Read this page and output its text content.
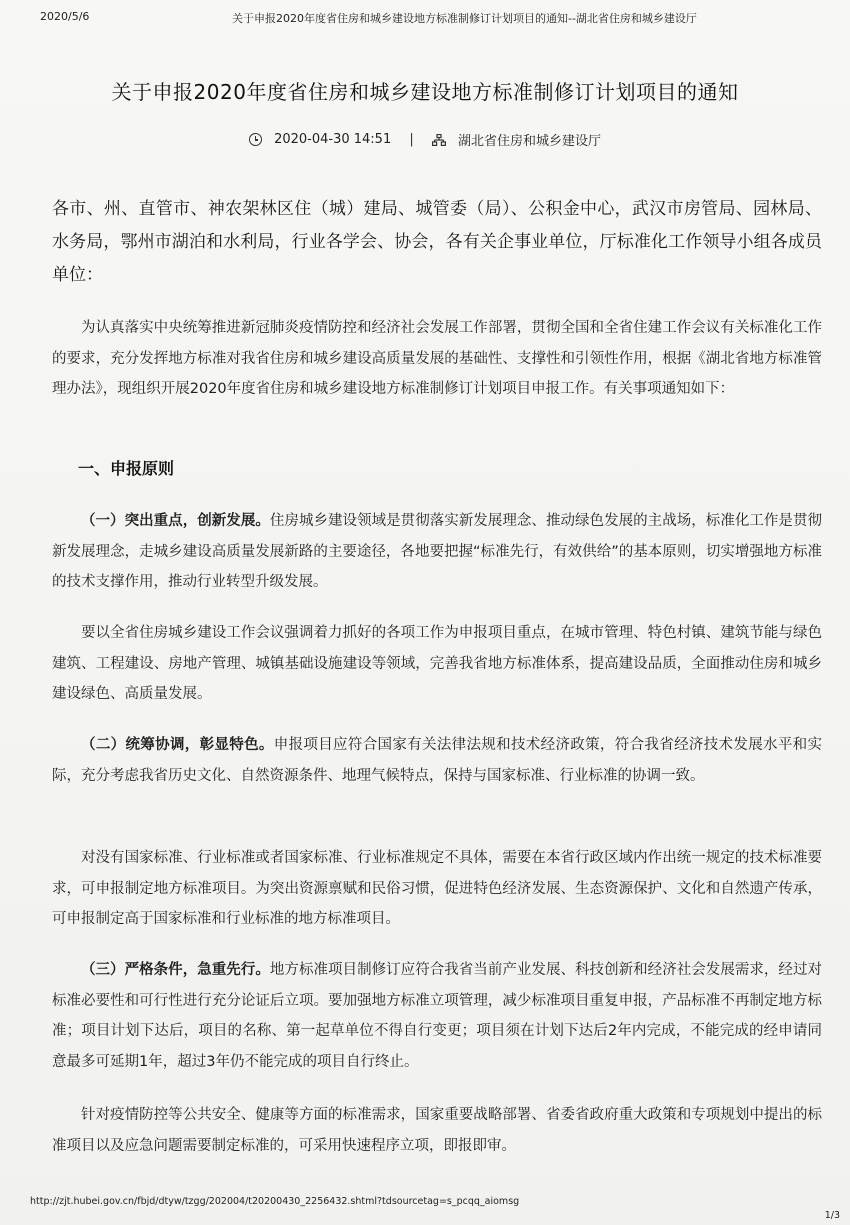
2020/5/6	关于申报2020年度省住房和城乡建设地方标准制修订计划项目的通知--湖北省住房和城乡建设厅
关于申报2020年度省住房和城乡建设地方标准制修订计划项目的通知
2020-04-30 14:51 |	湖北省住房和城乡建设厅
各市、州、直管市、神农架林区住（城）建局、城管委（局）、公积金中心，武汉市房管局、园林局、水务局，鄂州市湖泊和水利局，行业各学会、协会，各有关企事业单位，厅标准化工作领导小组各成员单位：
为认真落实中央统筹推进新冠肺炎疫情防控和经济社会发展工作部署，贯彻全国和全省住建工作会议有关标准化工作的要求，充分发挥地方标准对我省住房和城乡建设高质量发展的基础性、支撑性和引领性作用，根据《湖北省地方标准管理办法》，现组织开展2020年度省住房和城乡建设地方标准制修订计划项目申报工作。有关事项通知如下：
一、申报原则
（一）突出重点，创新发展。住房城乡建设领域是贯彻落实新发展理念、推动绿色发展的主战场，标准化工作是贯彻新发展理念，走城乡建设高质量发展新路的主要途径，各地要把握“标准先行，有效供给”的基本原则，切实增强地方标准的技术支撑作用，推动行业转型升级发展。
要以全省住房城乡建设工作会议强调着力抓好的各项工作为申报项目重点，在城市管理、特色村镇、建筑节能与绿色建筑、工程建设、房地产管理、城镇基础设施建设等领域，完善我省地方标准体系，提高建设品质，全面推动住房和城乡建设绿色、高质量发展。
（二）统筹协调，彰显特色。申报项目应符合国家有关法律法规和技术经济政策，符合我省经济技术发展水平和实际，充分考虑我省历史文化、自然资源条件、地理气候特点，保持与国家标准、行业标准的协调一致。
对没有国家标准、行业标准或者国家标准、行业标准规定不具体，需要在本省行政区域内作出统一规定的技术标准要求，可申报制定地方标准项目。为突出资源禀赋和民俗习惯，促进特色经济发展、生态资源保护、文化和自然遗产传承，可申报制定高于国家标准和行业标准的地方标准项目。
（三）严格条件，急重先行。地方标准项目制修订应符合我省当前产业发展、科技创新和经济社会发展需求，经过对标准必要性和可行性进行充分论证后立项。要加强地方标准立项管理，减少标准项目重复申报，产品标准不再制定地方标准；项目计划下达后，项目的名称、第一起草单位不得自行变更；项目须在计划下达后2年内完成，不能完成的经申请同意最多可延期1年，超过3年仍不能完成的项目自行终止。
针对疫情防控等公共安全、健康等方面的标准需求，国家重要战略部署、省委省政府重大政策和专项规划中提出的标准项目以及应急问题需要制定标准的，可采用快速程序立项，即报即审。
http://zjt.hubei.gov.cn/fbjd/dtyw/tzgg/202004/t20200430_2256432.shtml?tdsourcetag=s_pcqq_aiomsg
1/3
